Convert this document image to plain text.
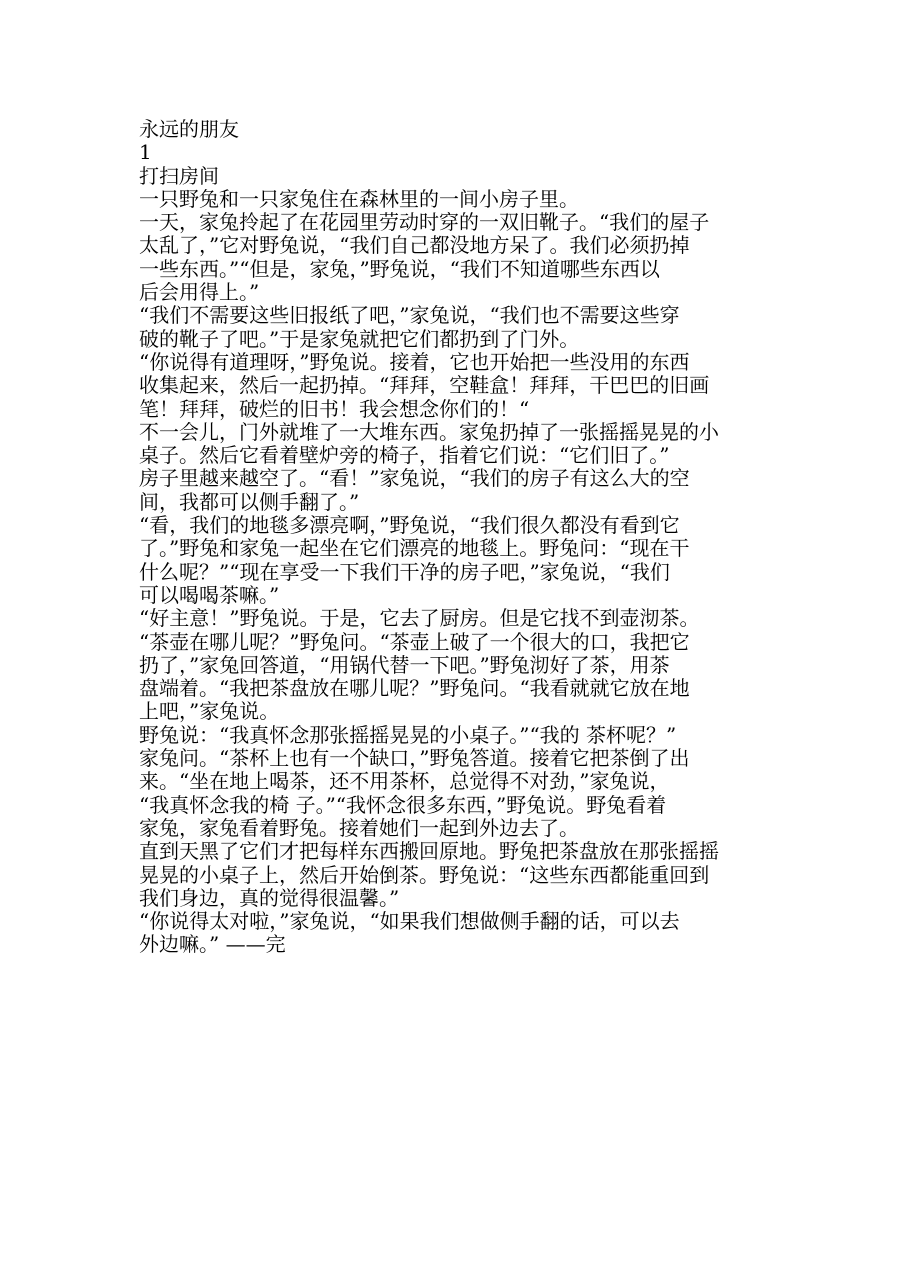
永远的朋友
1
打扫房间
一只野兔和一只家兔住在森林里的一间小房子里。
一天，家兔拎起了在花园里劳动时穿的一双旧靴子。“我们的屋子
太乱了，”它对野兔说，“我们自己都没地方呆了。我们必须扔掉
一些东西。”“但是，家兔，”野兔说，“我们不知道哪些东西以
后会用得上。”
“我们不需要这些旧报纸了吧，”家兔说，“我们也不需要这些穿
破的靴子了吧。”于是家兔就把它们都扔到了门外。
“你说得有道理呀，”野兔说。接着，它也开始把一些没用的东西
收集起来，然后一起扔掉。“拜拜，空鞋盒！拜拜，干巴巴的旧画
笔！拜拜，破烂的旧书！我会想念你们的！“
不一会儿，门外就堆了一大堆东西。家兔扔掉了一张摇摇晃晃的小
桌子。然后它看着壁炉旁的椅子，指着它们说：“它们旧了。”
房子里越来越空了。“看！”家兔说，“我们的房子有这么大的空
间，我都可以侧手翻了。”
“看，我们的地毯多漂亮啊，”野兔说，“我们很久都没有看到它
了。”野兔和家兔一起坐在它们漂亮的地毯上。野兔问：“现在干
什么呢？”“现在享受一下我们干净的房子吧，”家兔说，“我们
可以喝喝茶嘛。”
“好主意！”野兔说。于是，它去了厨房。但是它找不到壶沏茶。
“茶壶在哪儿呢？”野兔问。“茶壶上破了一个很大的口，我把它
扔了，”家兔回答道，“用锅代替一下吧。”野兔沏好了茶，用茶
盘端着。“我把茶盘放在哪儿呢？”野兔问。“我看就就它放在地
上吧，”家兔说。
野兔说：“我真怀念那张摇摇晃晃的小桌子。”“我的 茶杯呢？”
家兔问。“茶杯上也有一个缺口，”野兔答道。接着它把茶倒了出
来。“坐在地上喝茶，还不用茶杯，总觉得不对劲，”家兔说，
“我真怀念我的椅 子。”“我怀念很多东西，”野兔说。野兔看着
家兔，家兔看着野兔。接着她们一起到外边去了。
直到天黑了它们才把每样东西搬回原地。野兔把茶盘放在那张摇摇
晃晃的小桌子上，然后开始倒茶。野兔说：“这些东西都能重回到
我们身边，真的觉得很温馨。”
“你说得太对啦，”家兔说，“如果我们想做侧手翻的话，可以去
外边嘛。” ——完
